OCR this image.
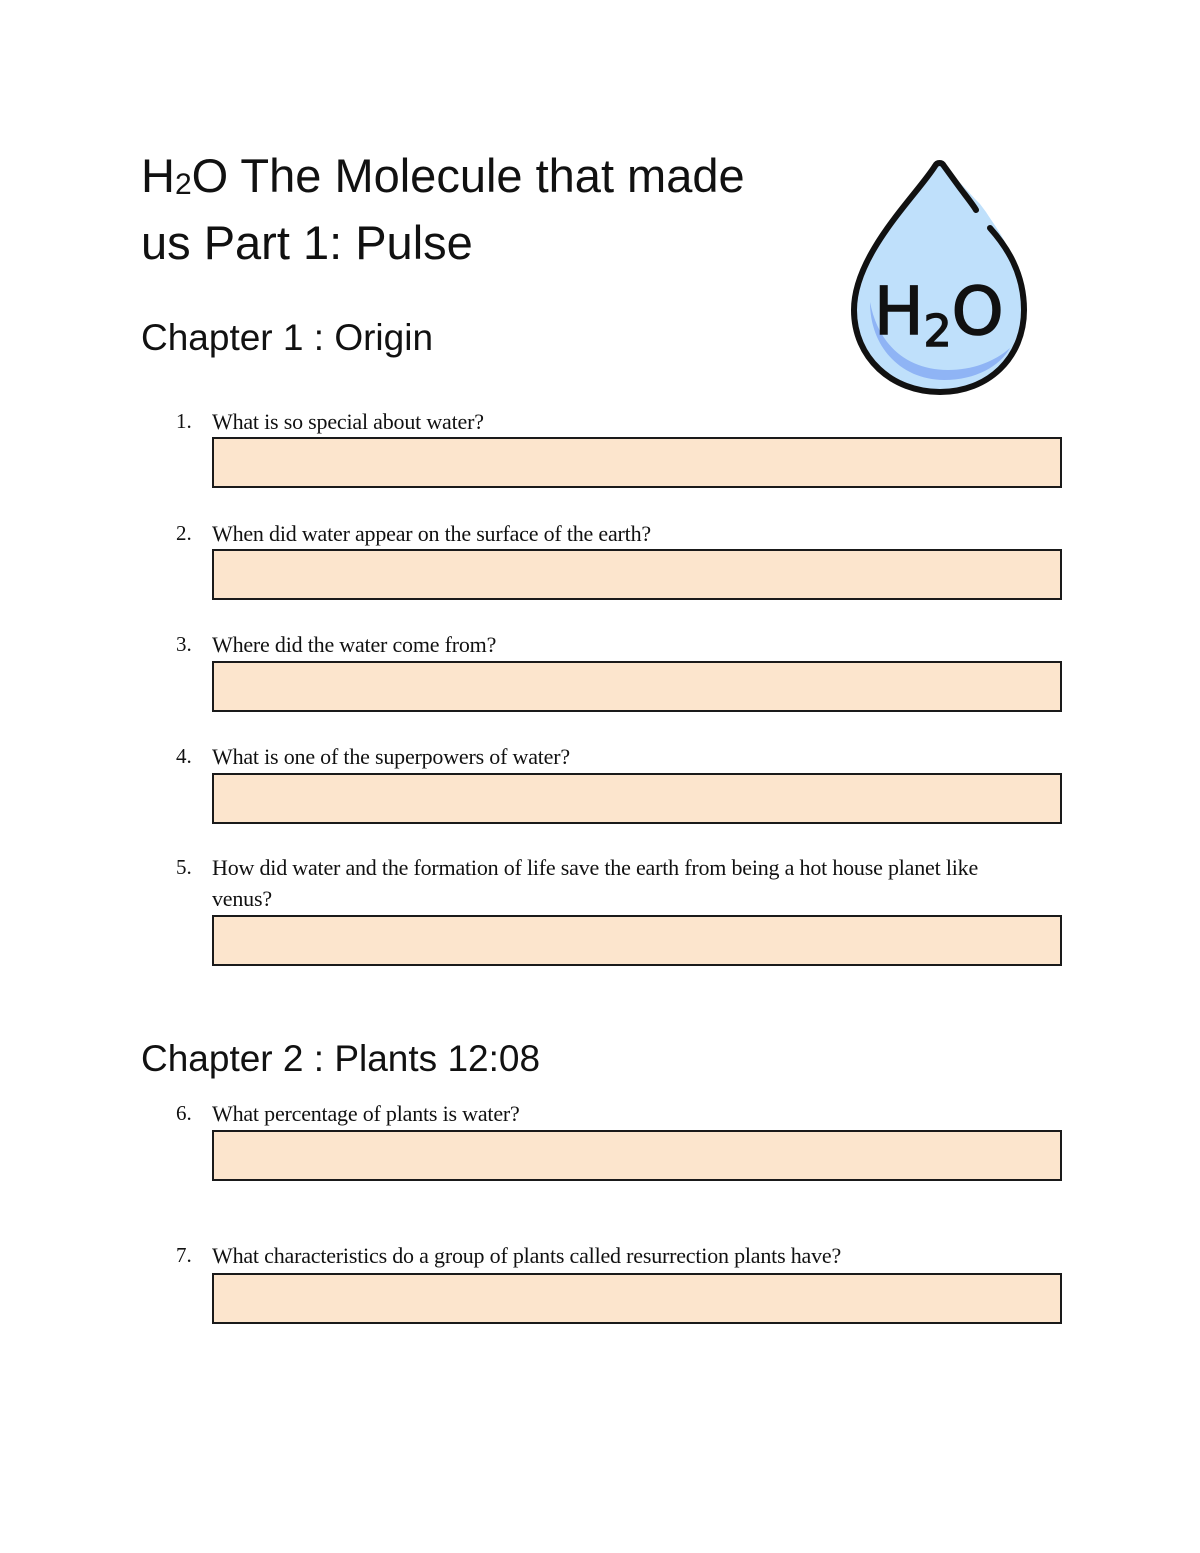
$H_2O$ The Molecule that made
us Part 1: Pulse
H2O
Chapter 1 : Origin
1. What is so special about water?
2. When did water appear on the surface of the earth?
3. Where did the water come from?
4. What is one of the superpowers of water?
5. How did water and the formation of life save the earth from being a hot house planet like venus?
Chapter 2 : Plants 12:08
6. What percentage of plants is water?
7. What characteristics do a group of plants called resurrection plants have?
